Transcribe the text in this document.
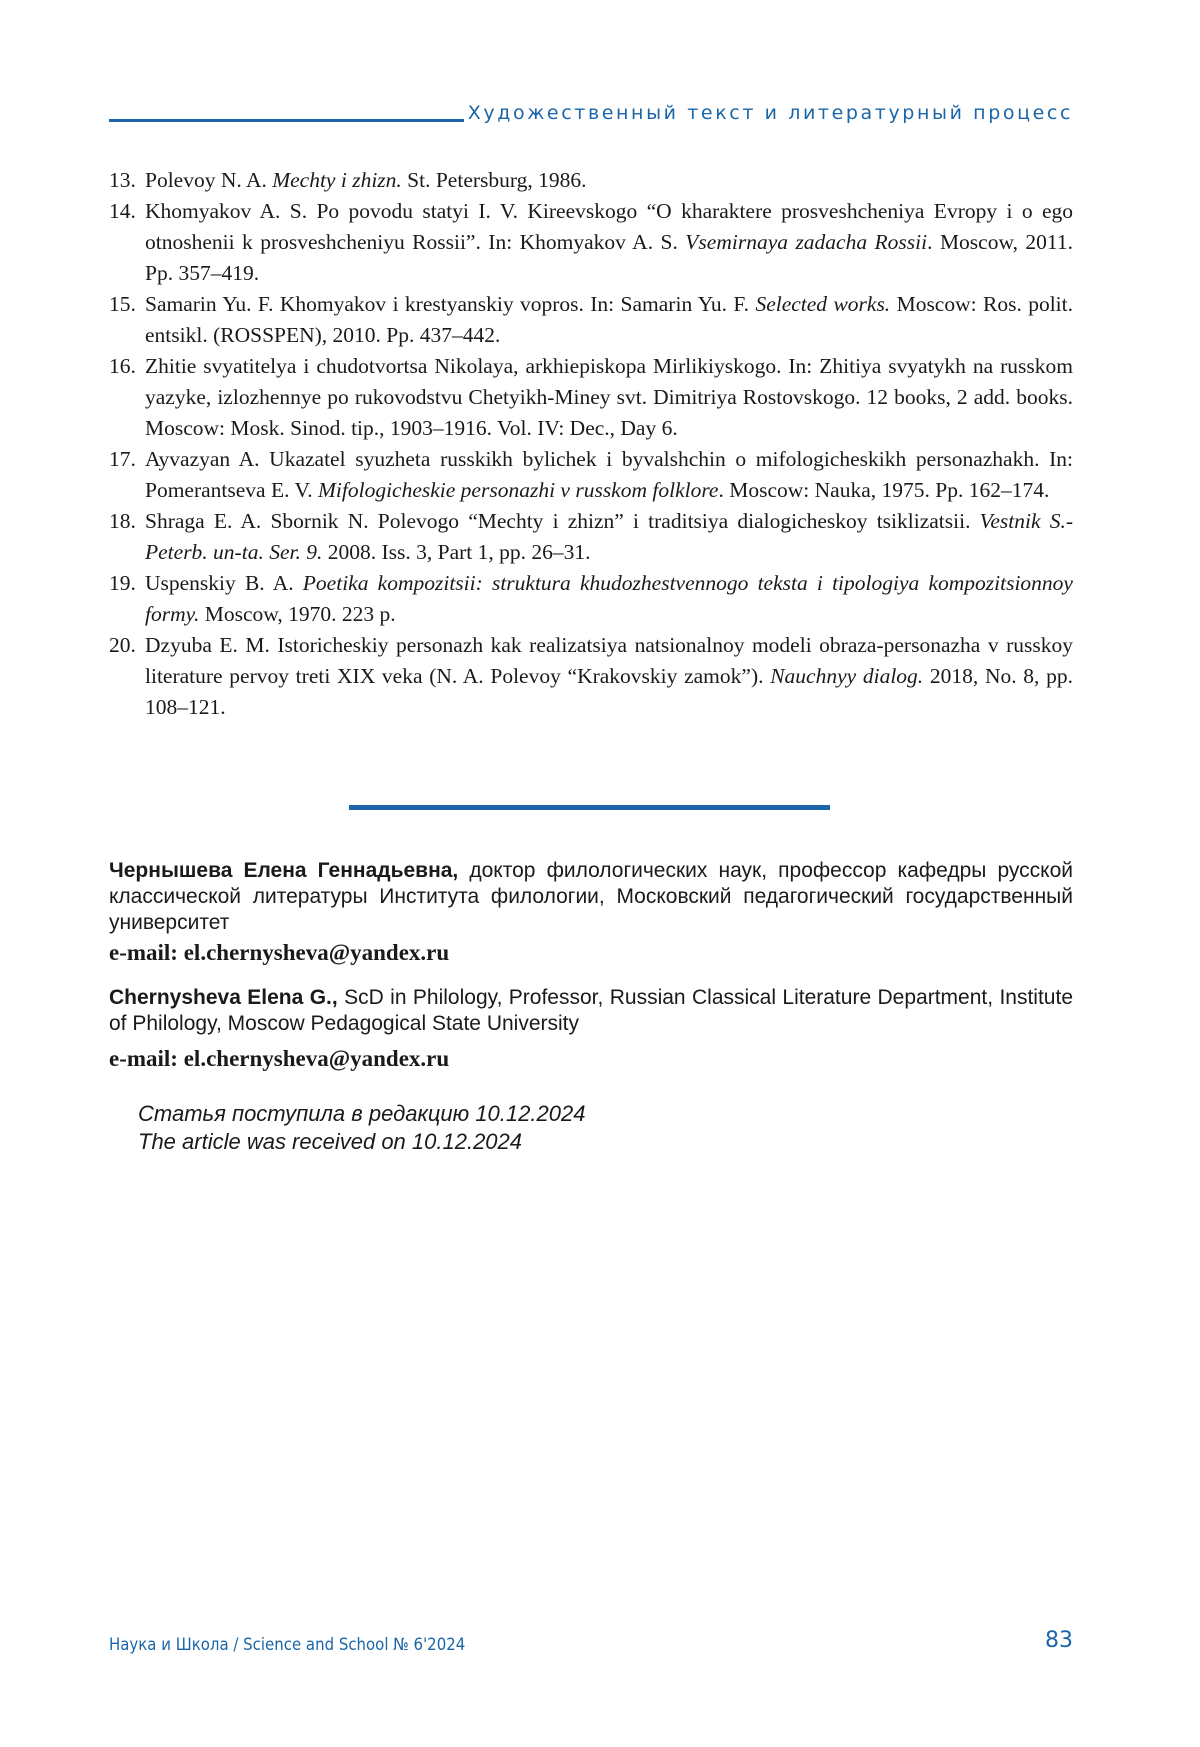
Художественный текст и литературный процесс
13. Polevoy N. A. Mechty i zhizn. St. Petersburg, 1986.
14. Khomyakov A. S. Po povodu statyi I. V. Kireevskogo “O kharaktere prosveshcheniya Evropy i o ego otnoshenii k prosveshcheniyu Rossii”. In: Khomyakov A. S. Vsemirnaya zadacha Rossii. Moscow, 2011. Pp. 357–419.
15. Samarin Yu. F. Khomyakov i krestyanskiy vopros. In: Samarin Yu. F. Selected works. Moscow: Ros. polit. entsikl. (ROSSPEN), 2010. Pp. 437–442.
16. Zhitie svyatitelya i chudotvortsa Nikolaya, arkhiepiskopa Mirlikiyskogo. In: Zhitiya svyatykh na russkom yazyke, izlozhennye po rukovodstvu Chetyikh-Miney svt. Dimitriya Rostovskogo. 12 books, 2 add. books. Moscow: Mosk. Sinod. tip., 1903–1916. Vol. IV: Dec., Day 6.
17. Ayvazyan A. Ukazatel syuzheta russkikh bylichek i byvalshchin o mifologicheskikh personazhakh. In: Pomerantseva E. V. Mifologicheskie personazhi v russkom folklore. Moscow: Nauka, 1975. Pp. 162–174.
18. Shraga E. A. Sbornik N. Polevogo “Mechty i zhizn” i traditsiya dialogicheskoy tsiklizatsii. Vestnik S.-Peterb. un-ta. Ser. 9. 2008. Iss. 3, Part 1, pp. 26–31.
19. Uspenskiy B. A. Poetika kompozitsii: struktura khudozhestvennogo teksta i tipologiya kompozitsionnoy formy. Moscow, 1970. 223 p.
20. Dzyuba E. M. Istoricheskiy personazh kak realizatsiya natsionalnoy modeli obraza-personazha v russkoy literature pervoy treti XIX veka (N. A. Polevoy “Krakovskiy zamok”). Nauchnyy dialog. 2018, No. 8, pp. 108–121.
Чернышева Елена Геннадьевна, доктор филологических наук, профессор кафедры русской классической литературы Института филологии, Московский педагогический государственный университет
e-mail: el.chernysheva@yandex.ru
Chernysheva Elena G., ScD in Philology, Professor, Russian Classical Literature Department, Institute of Philology, Moscow Pedagogical State University
e-mail: el.chernysheva@yandex.ru
Статья поступила в редакцию 10.12.2024
The article was received on 10.12.2024
Наука и Школа / Science and School № 6'2024	83
